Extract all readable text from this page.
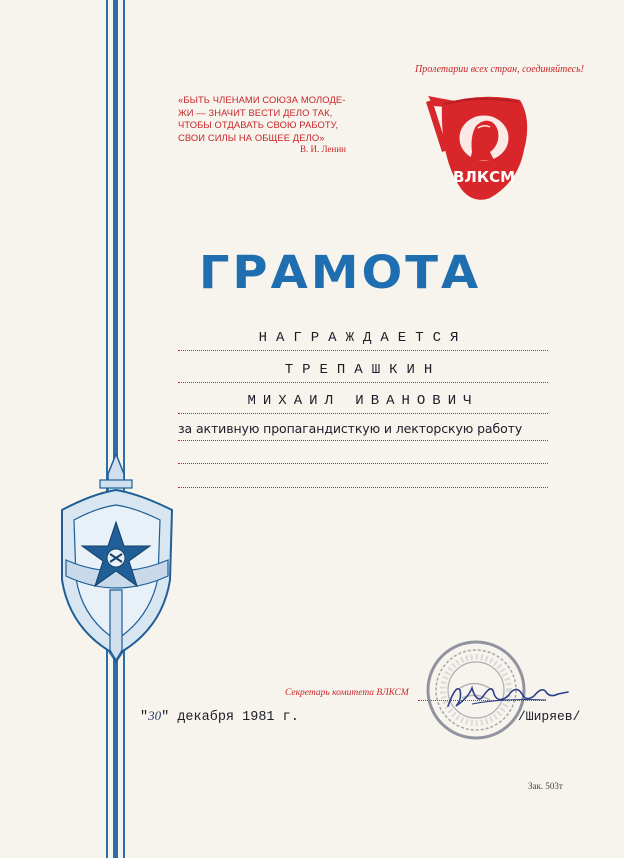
Пролетарии всех стран, соединяйтесь!
«БЫТЬ ЧЛЕНАМИ СОЮЗА МОЛОДЕ-
ЖИ — ЗНАЧИТ ВЕСТИ ДЕЛО ТАК,
ЧТОБЫ ОТДАВАТЬ СВОЮ РАБОТУ,
СВОИ СИЛЫ НА ОБЩЕЕ ДЕЛО»
В. И. Ленин
ВЛКСМ
ГРАМОТА
НАГРАЖДАЕТСЯ
ТРЕПАШКИН
МИХАИЛ ИВАНОВИЧ
за активную пропагандисткую и лекторскую работу
Секретарь комитета ВЛКСМ
"30" декабря 1981 г.	/Ширяев/
Зак. 503т
